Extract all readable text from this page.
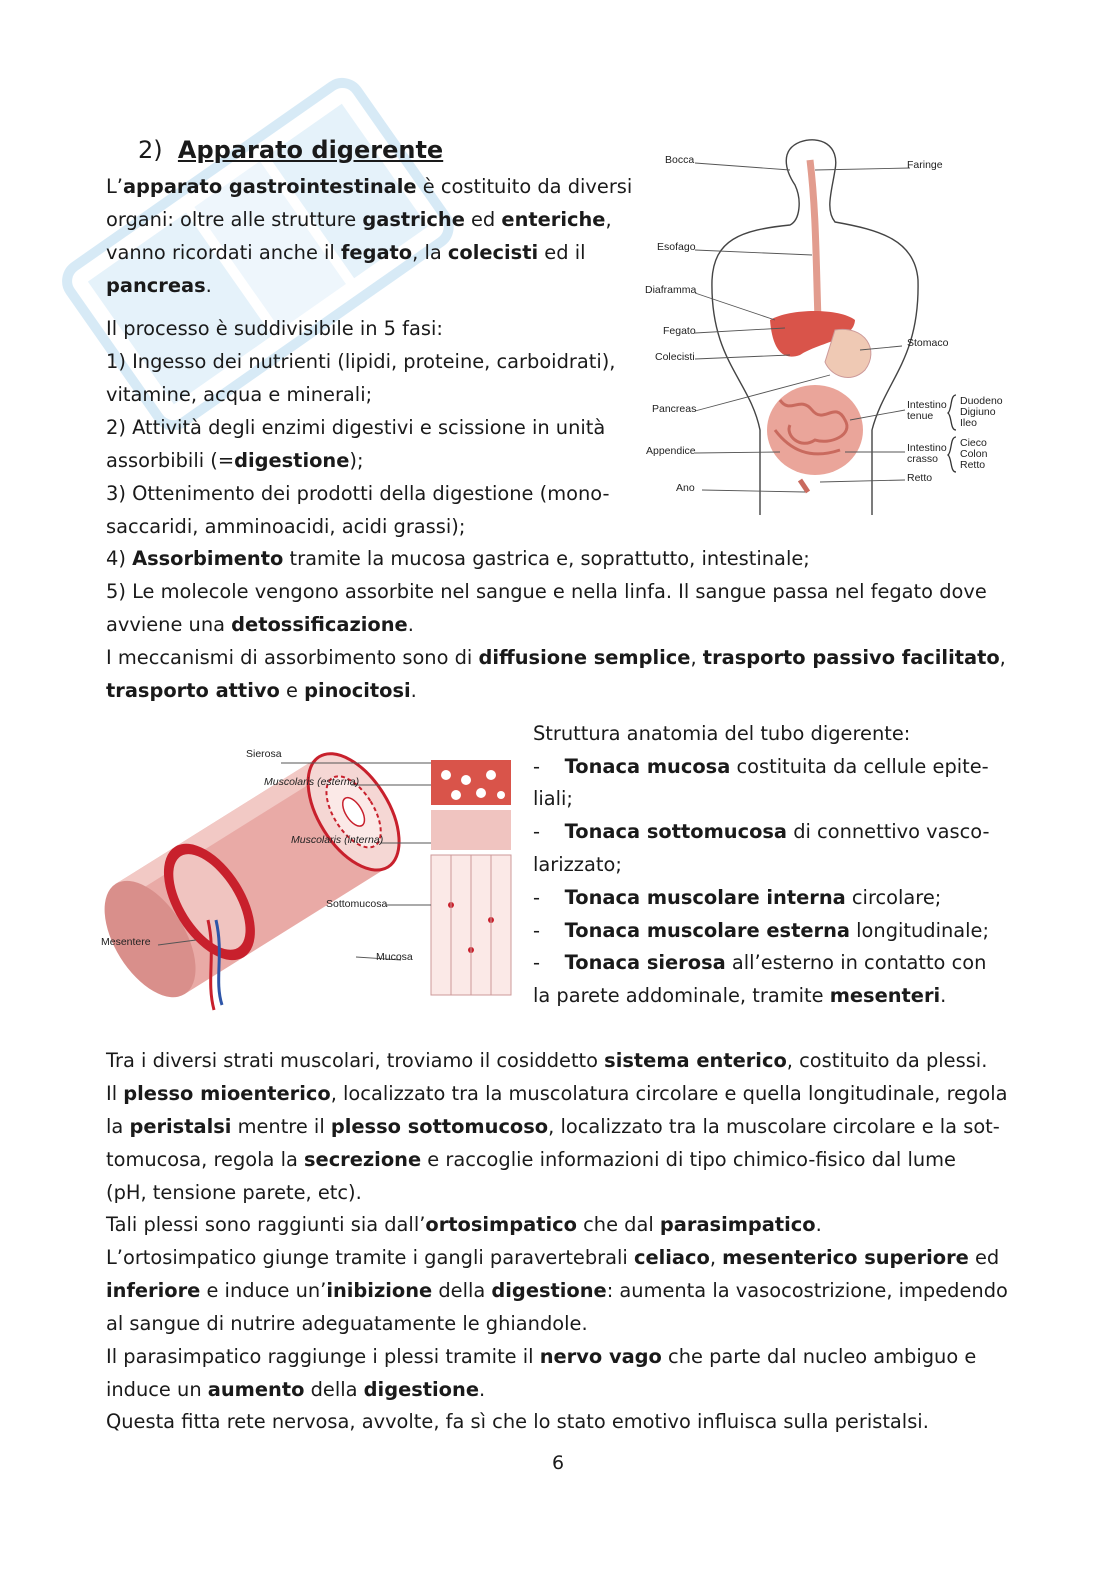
2) Apparato digerente

L’apparato gastrointestinale è costituito da diversi

organi: oltre alle strutture gastriche ed enteriche,

vanno ricordati anche il fegato, la colecisti ed il

pancreas.

Il processo è suddivisibile in 5 fasi:

1) Ingesso dei nutrienti (lipidi, proteine, carboidrati),

vitamine, acqua e minerali;

2) Attività degli enzimi digestivi e scissione in unità

assorbibili (=digestione);

3) Ottenimento dei prodotti della digestione (mono-

saccaridi, amminoacidi, acidi grassi);

4) Assorbimento tramite la mucosa gastrica e, soprattutto, intestinale;

5) Le molecole vengono assorbite nel sangue e nella linfa. Il sangue passa nel fegato dove

avviene una detossificazione.

I meccanismi di assorbimento sono di diffusione semplice, trasporto passivo facilitato,

trasporto attivo e pinocitosi.

Bocca	Faringe
Esofago
Diaframma
Fegato
Colecisti
Stomaco
Pancreas	Intestino
tenue
Duodeno
Digiuno
Ileo
Appendice	Intestino
crasso
Cieco
Colon
Retto
Retto
Ano
Sierosa
Muscolaris (esterna)
Muscolaris (interna)
Sottomucosa
Mesentere
Mucosa

Struttura anatomia del tubo digerente:

- Tonaca mucosa costituita da cellule epite-

liali;

- Tonaca sottomucosa di connettivo vasco-

larizzato;

- Tonaca muscolare interna circolare;

- Tonaca muscolare esterna longitudinale;

- Tonaca sierosa all’esterno in contatto con

la parete addominale, tramite mesenteri.

Tra i diversi strati muscolari, troviamo il cosiddetto sistema enterico, costituito da plessi.

Il plesso mioenterico, localizzato tra la muscolatura circolare e quella longitudinale, regola

la peristalsi mentre il plesso sottomucoso, localizzato tra la muscolare circolare e la sot-

tomucosa, regola la secrezione e raccoglie informazioni di tipo chimico-fisico dal lume

(pH, tensione parete, etc).

Tali plessi sono raggiunti sia dall’ortosimpatico che dal parasimpatico.

L’ortosimpatico giunge tramite i gangli paravertebrali celiaco, mesenterico superiore ed

inferiore e induce un’inibizione della digestione: aumenta la vasocostrizione, impedendo

al sangue di nutrire adeguatamente le ghiandole.

Il parasimpatico raggiunge i plessi tramite il nervo vago che parte dal nucleo ambiguo e

induce un aumento della digestione.

Questa fitta rete nervosa, avvolte, fa sì che lo stato emotivo influisca sulla peristalsi.

6
